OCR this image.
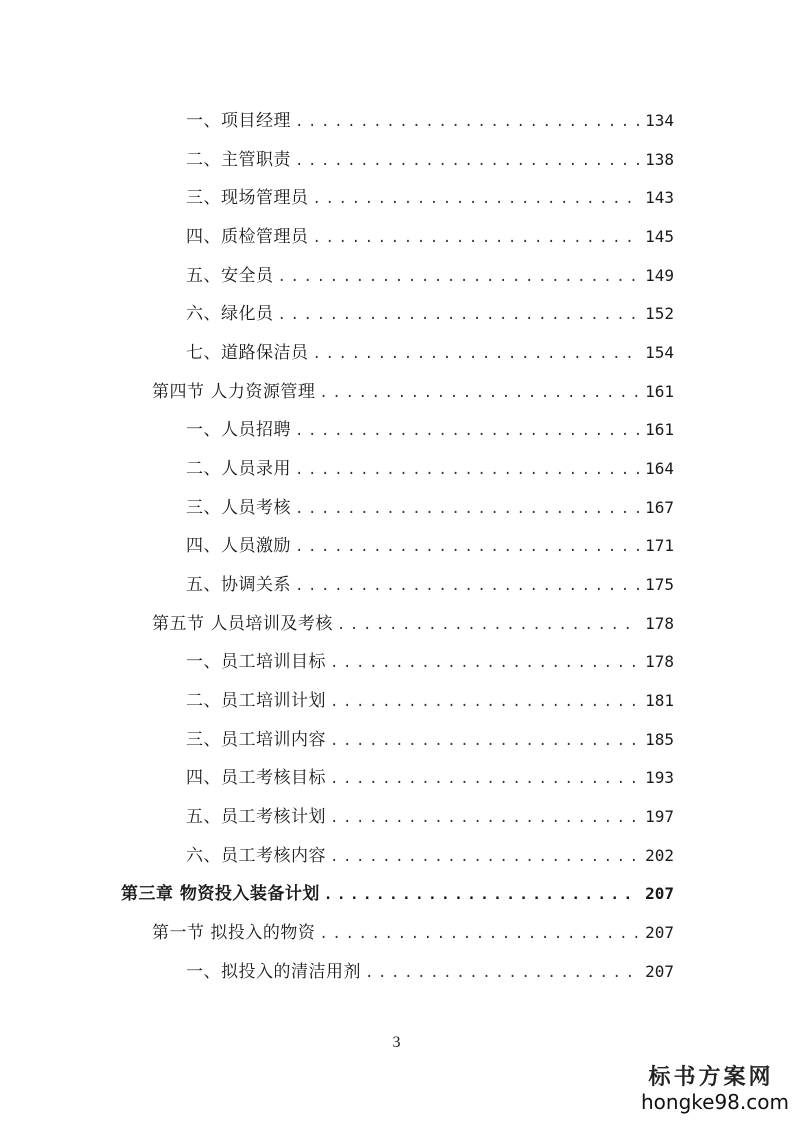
一、项目经理 .....	134
二、主管职责 .....	138
三、现场管理员 .....	143
四、质检管理员 .....	145
五、安全员 .....	149
六、绿化员 .....	152
七、道路保洁员 .....	154
第四节 人力资源管理 .....	161
一、人员招聘 .....	161
二、人员录用 .....	164
三、人员考核 .....	167
四、人员激励 .....	171
五、协调关系 .....	175
第五节 人员培训及考核 .....	178
一、员工培训目标 .....	178
二、员工培训计划 .....	181
三、员工培训内容 .....	185
四、员工考核目标 .....	193
五、员工考核计划 .....	197
六、员工考核内容 .....	202
第三章 物资投入装备计划 .....	207
第一节 拟投入的物资 .....	207
一、拟投入的清洁用剂 .....	207
3
标书方案网
hongke98.com
